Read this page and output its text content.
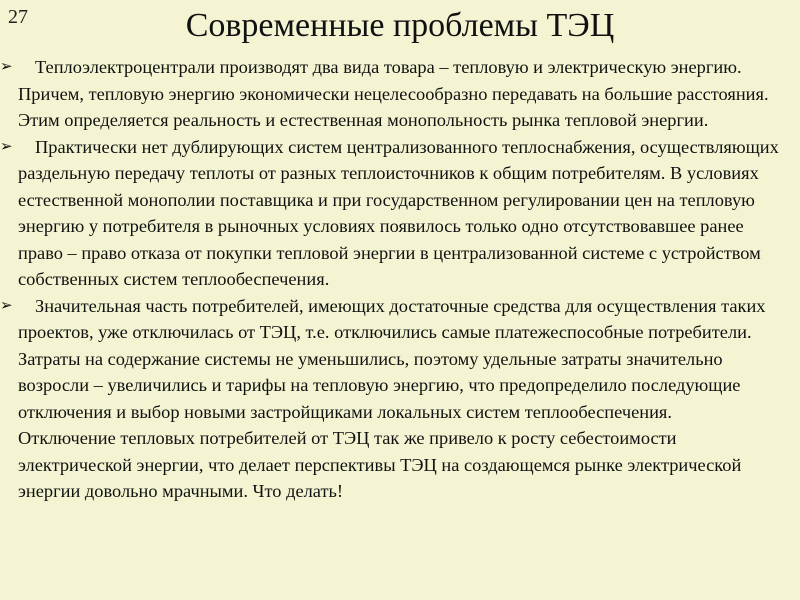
27	Современные проблемы ТЭЦ

➢ Теплоэлектроцентрали производят два вида товара – тепловую и электрическую энергию. Причем, тепловую энергию экономически нецелесообразно передавать на большие расстояния. Этим определяется реальность и естественная монопольность рынка тепловой энергии.

➢ Практически нет дублирующих систем централизованного теплоснабжения, осуществляющих раздельную передачу теплоты от разных теплоисточников к общим потребителям. В условиях естественной монополии поставщика и при государственном регулировании цен на тепловую энергию у потребителя в рыночных условиях появилось только одно отсутствовавшее ранее право – право отказа от покупки тепловой энергии в централизованной системе с устройством собственных систем теплообеспечения.

➢ Значительная часть потребителей, имеющих достаточные средства для осуществления таких проектов, уже отключилась от ТЭЦ, т.е. отключились самые платежеспособные потребители. Затраты на содержание системы не уменьшились, поэтому удельные затраты значительно возросли – увеличились и тарифы на тепловую энергию, что предопределило последующие отключения и выбор новыми застройщиками локальных систем теплообеспечения.

Отключение тепловых потребителей от ТЭЦ так же привело к росту себестоимости электрической энергии, что делает перспективы ТЭЦ на создающемся рынке электрической энергии довольно мрачными. Что делать!
